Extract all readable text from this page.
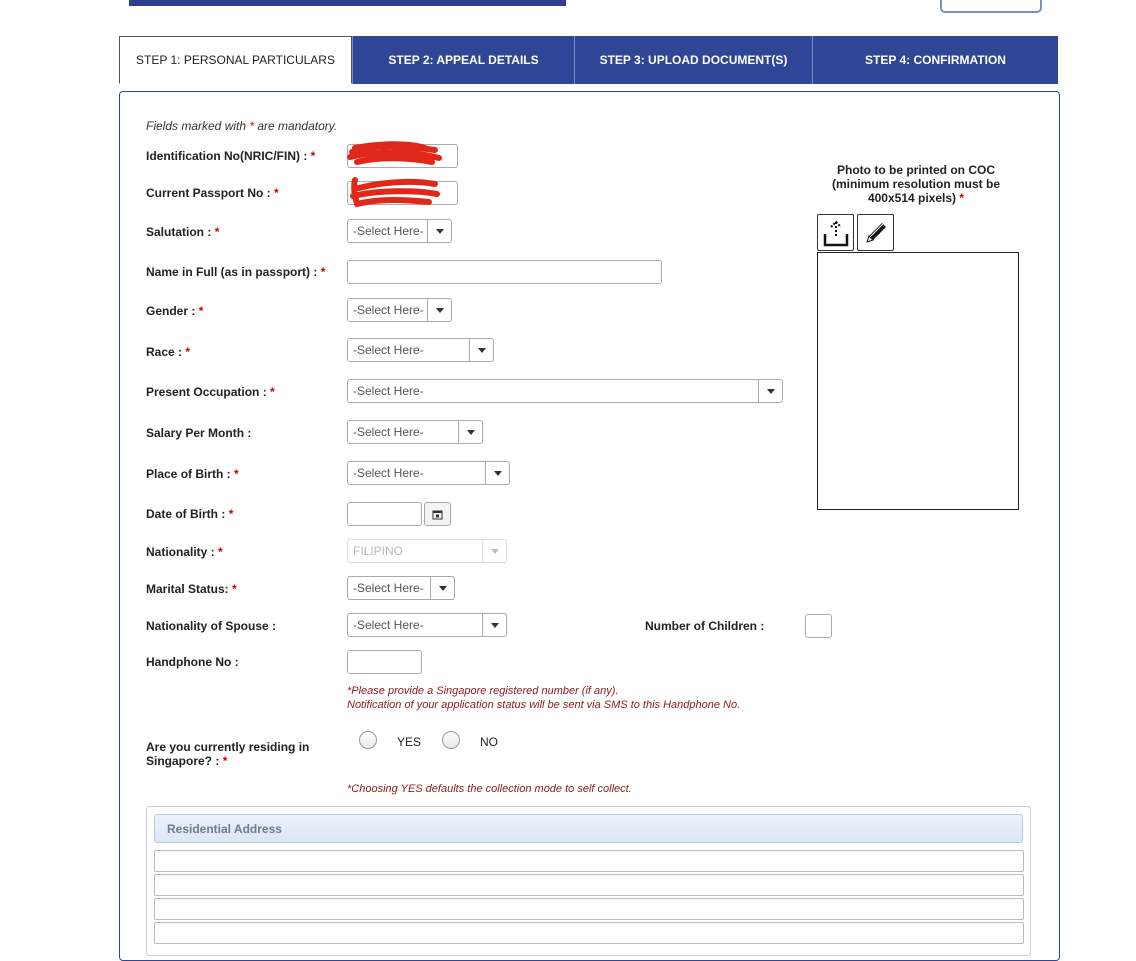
STEP 1: PERSONAL PARTICULARS	STEP 2: APPEAL DETAILS	STEP 3: UPLOAD DOCUMENT(S)	STEP 4: CONFIRMATION
Fields marked with * are mandatory.
Identification No(NRIC/FIN) : *
Current Passport No : *
Salutation : *	-Select Here-
Name in Full (as in passport) : *
Gender : *	-Select Here-
Race : *	-Select Here-
Present Occupation : *	-Select Here-
Salary Per Month :	-Select Here-
Place of Birth : *	-Select Here-
Date of Birth : *
Nationality : *	FILIPINO
Marital Status: *	-Select Here-
Nationality of Spouse :	-Select Here-	Number of Children :
Handphone No :
*Please provide a Singapore registered number (if any).
Notification of your application status will be sent via SMS to this Handphone No.
Are you currently residing in
Singapore? : *
YES	NO
*Choosing YES defaults the collection mode to self collect.
Residential Address
Photo to be printed on COC
(minimum resolution must be
400x514 pixels) *
